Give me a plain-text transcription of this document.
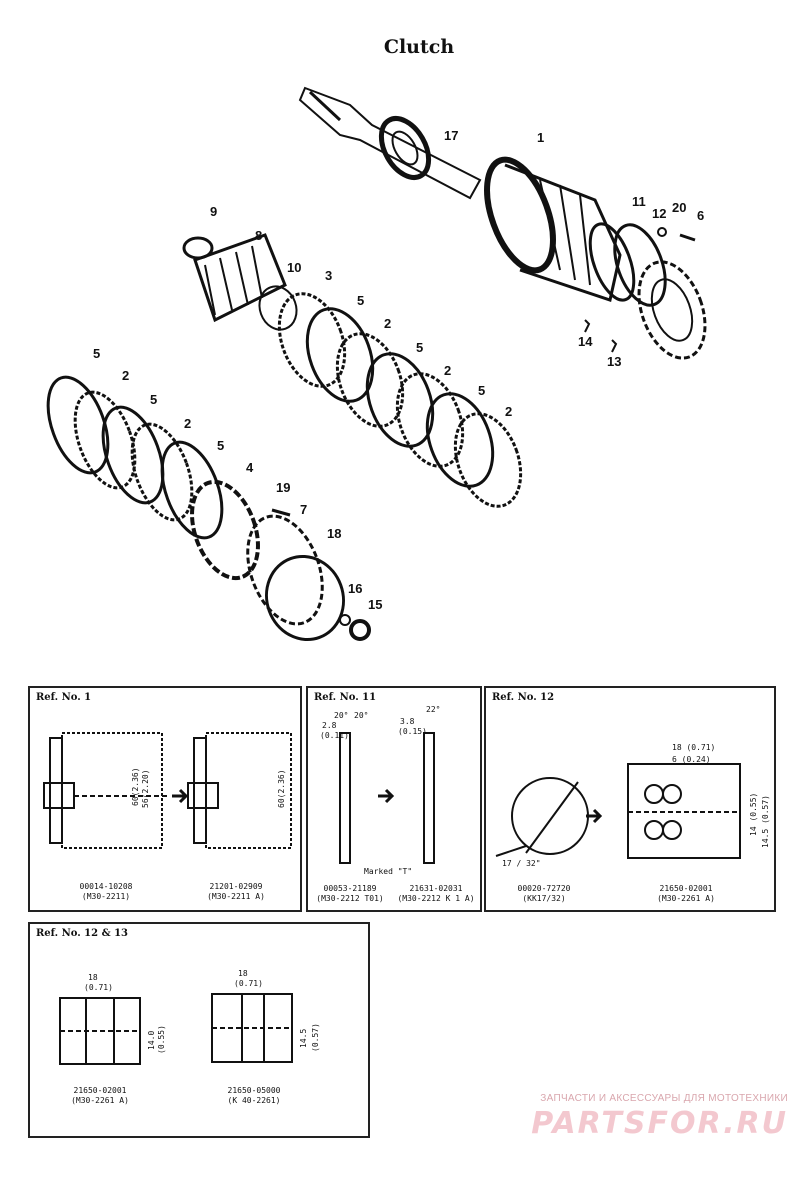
Clutch
17	1
11
12 20
6
9
8
10
3
5
2
5
2
5
2
14
13
5
2
5
2
5
4
19
7
18
16
15
Ref. No. 1
56(2.20)
60(2.36)	60(2.36)
00014-10208
(M30-2211)
21201-02909
(M30-2211 A)
Ref. No. 11
20° 20°
22°
2.8
(0.11)
3.8
(0.15)
Marked "T"
00053-21189
(M30-2212 T01)
21631-02031
(M30-2212 K 1 A)
Ref. No. 12
17 / 32"
18 (0.71)
6 (0.24)
14 (0.55) 14.5 (0.57)
00020-72720
(KK17/32)
21650-02001
(M30-2261 A)
Ref. No. 12 & 13
18
(0.71)
14.0 (0.55)
18
(0.71)
14.5 (0.57)
21650-02001
(M30-2261 A)
21650-05000
(K 40-2261)	ЗАПЧАСТИ И АКСЕССУАРЫ ДЛЯ МОТОТЕХНИКИ
PARTSFOR.RU
